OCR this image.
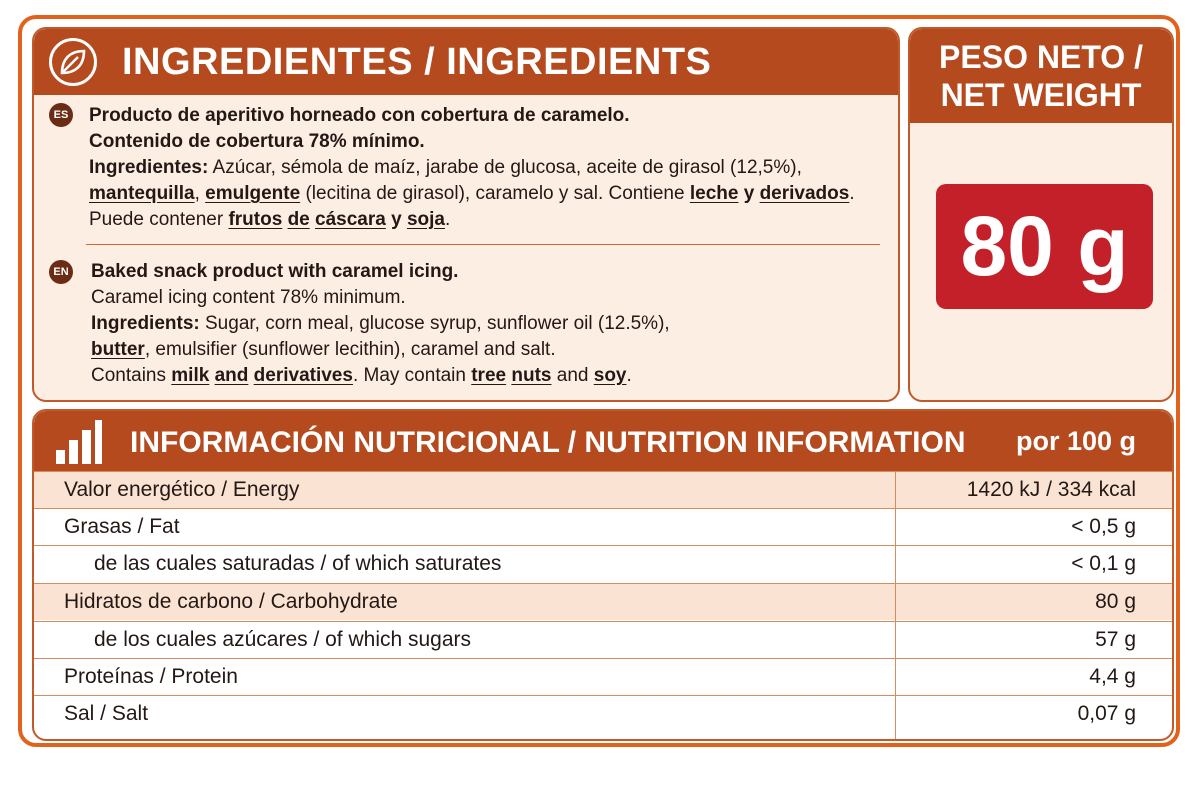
INGREDIENTES / INGREDIENTS
ES Producto de aperitivo horneado con cobertura de caramelo.
Contenido de cobertura 78% mínimo.
Ingredientes: Azúcar, sémola de maíz, jarabe de glucosa, aceite de girasol (12,5%),
mantequilla, emulgente (lecitina de girasol), caramelo y sal. Contiene leche y derivados.
Puede contener frutos de cáscara y soja.
EN Baked snack product with caramel icing.
Caramel icing content 78% minimum.
Ingredients: Sugar, corn meal, glucose syrup, sunflower oil (12.5%),
butter, emulsifier (sunflower lecithin), caramel and salt.
Contains milk and derivatives. May contain tree nuts and soy.
PESO NETO /
NET WEIGHT
80 g
INFORMACIÓN NUTRICIONAL / NUTRITION INFORMATION por 100 g
Valor energético / Energy	1420 kJ / 334 kcal
Grasas / Fat	< 0,5 g
de las cuales saturadas / of which saturates	< 0,1 g
Hidratos de carbono / Carbohydrate	80 g
de los cuales azúcares / of which sugars	57 g
Proteínas / Protein	4,4 g
Sal / Salt	0,07 g
